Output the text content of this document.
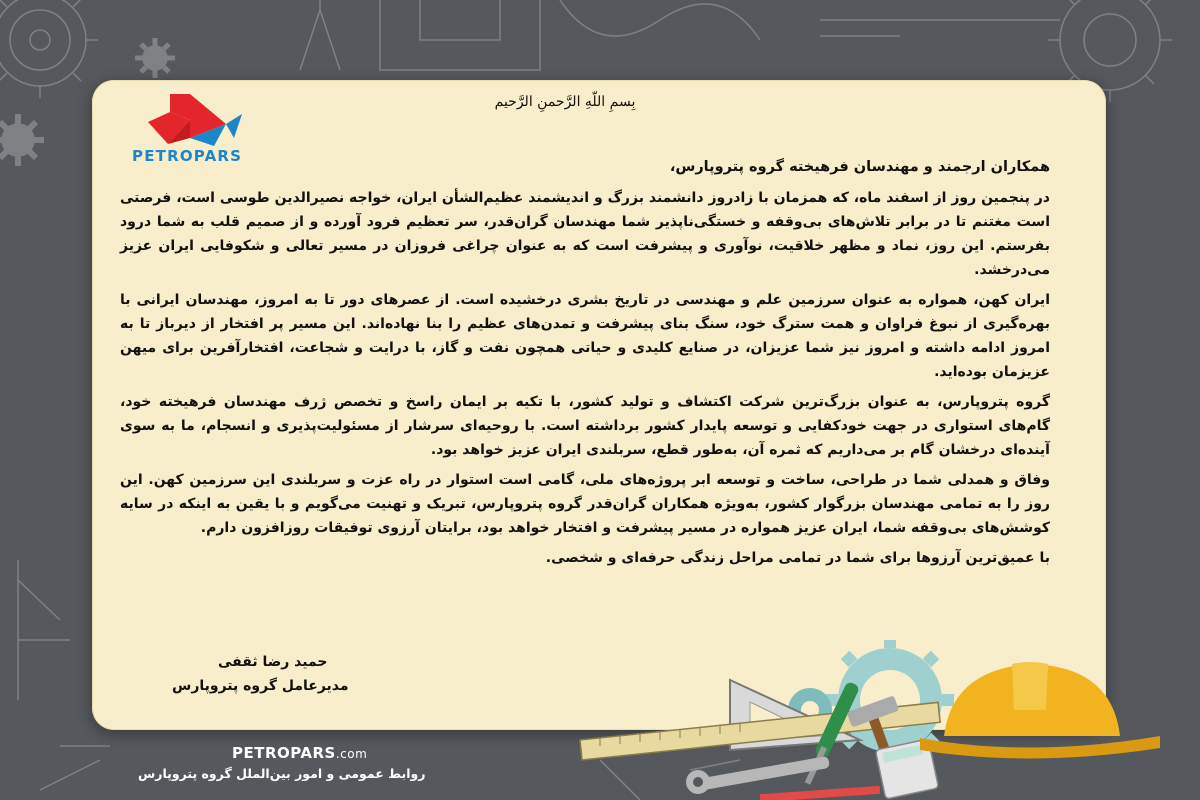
PETROPARS
بِسمِ اللّهِ الرَّحمنِ الرَّحیم
همکاران ارجمند و مهندسان فرهیخته گروه پتروپارس،

در پنجمین روز از اسفند ماه، که همزمان با زادروز دانشمند بزرگ و اندیشمند عظیم‌الشأن ایران، خواجه نصیرالدین طوسی است، فرصتی است مغتنم تا در برابر تلاش‌های بی‌وقفه و خستگی‌ناپذیر شما مهندسان گران‌قدر، سر تعظیم فرود آورده و از صمیم قلب به شما درود بفرستم. این روز، نماد و مظهر خلاقیت، نوآوری و پیشرفت است که به عنوان چراغی فروزان در مسیر تعالی و شکوفایی ایران عزیز می‌درخشد.

ایران کهن، همواره به عنوان سرزمین علم و مهندسی در تاریخ بشری درخشیده است. از عصرهای دور تا به امروز، مهندسان ایرانی با بهره‌گیری از نبوغ فراوان و همت سترگ خود، سنگ بنای پیشرفت و تمدن‌های عظیم را بنا نهاده‌اند. این مسیر پر افتخار از دیرباز تا به امروز ادامه داشته و امروز نیز شما عزیزان، در صنایع کلیدی و حیاتی همچون نفت و گاز، با درایت و شجاعت، افتخارآفرین برای میهن عزیزمان بوده‌اید.

گروه پتروپارس، به عنوان بزرگ‌ترین شرکت اکتشاف و تولید کشور، با تکیه بر ایمان راسخ و تخصص ژرف مهندسان فرهیخته خود، گام‌های استواری در جهت خودکفایی و توسعه پایدار کشور برداشته است. با روحیه‌ای سرشار از مسئولیت‌پذیری و انسجام، ما به سوی آینده‌ای درخشان گام بر می‌داریم که ثمره آن، به‌طور قطع، سربلندی ایران عزیز خواهد بود.

وفاق و همدلی شما در طراحی، ساخت و توسعه ابر پروژه‌های ملی، گامی است استوار در راه عزت و سربلندی این سرزمین کهن. این روز را به تمامی مهندسان بزرگوار کشور، به‌ویژه همکاران گران‌قدر گروه پتروپارس، تبریک و تهنیت می‌گویم و با یقین به اینکه در سایه کوشش‌های بی‌وقفه شما، ایران عزیز همواره در مسیر پیشرفت و افتخار خواهد بود، برایتان آرزوی توفیقات روزافزون دارم.

با عمیق‌ترین آرزوها برای شما در تمامی مراحل زندگی حرفه‌ای و شخصی.

حمید رضا ثقفی
مدیرعامل گروه پتروپارس
PETROPARS.com
روابط عمومی و امور بین‌الملل گروه پتروپارس
